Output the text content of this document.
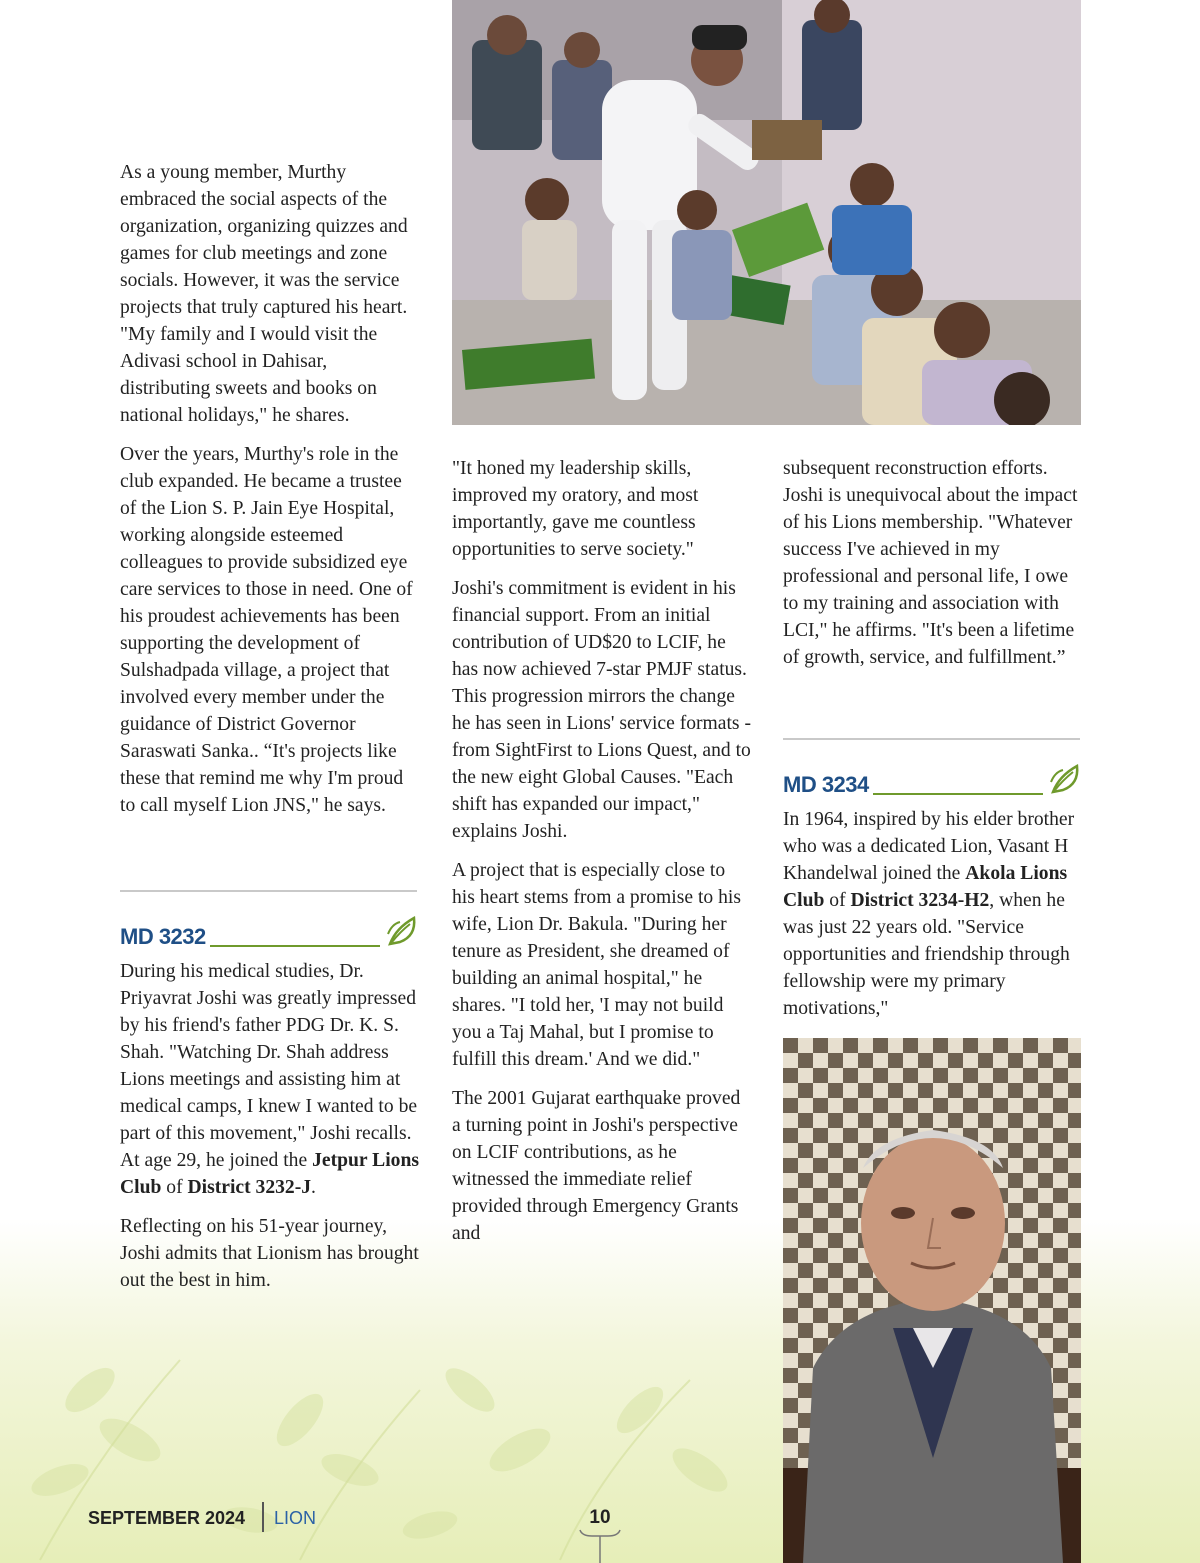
As a young member, Murthy embraced the social aspects of the organization, organizing quizzes and games for club meetings and zone socials. However, it was the service projects that truly captured his heart. "My family and I would visit the Adivasi school in Dahisar, distributing sweets and books on national holidays," he shares.

Over the years, Murthy's role in the club expanded. He became a trustee of the Lion S. P. Jain Eye Hospital, working alongside esteemed colleagues to provide subsidized eye care services to those in need. One of his proudest achievements has been supporting the development of Sulshadpada village, a project that involved every member under the guidance of District Governor Saraswati Sanka.. “It's projects like these that remind me why I'm proud to call myself Lion JNS," he says.

MD 3232

During his medical studies, Dr. Priyavrat Joshi was greatly impressed by his friend's father PDG Dr. K. S. Shah. "Watching Dr. Shah address Lions meetings and assisting him at medical camps, I knew I wanted to be part of this movement," Joshi recalls. At age 29, he joined the Jetpur Lions Club of District 3232-J.

Reflecting on his 51-year journey, Joshi admits that Lionism has brought out the best in him.

"It honed my leadership skills, improved my oratory, and most importantly, gave me countless opportunities to serve society."

Joshi's commitment is evident in his financial support. From an initial contribution of UD$20 to LCIF, he has now achieved 7-star PMJF status. This progression mirrors the change he has seen in Lions' service formats - from SightFirst to Lions Quest, and to the new eight Global Causes. "Each shift has expanded our impact," explains Joshi.

A project that is especially close to his heart stems from a promise to his wife, Lion Dr. Bakula. "During her tenure as President, she dreamed of building an animal hospital," he shares. "I told her, 'I may not build you a Taj Mahal, but I promise to fulfill this dream.' And we did."

The 2001 Gujarat earthquake proved a turning point in Joshi's perspective on LCIF contributions, as he witnessed the immediate relief provided through Emergency Grants and

subsequent reconstruction efforts. Joshi is unequivocal about the impact of his Lions membership. "Whatever success I've achieved in my professional and personal life, I owe to my training and association with LCI," he affirms. "It's been a lifetime of growth, service, and fulfillment.”

MD 3234

In 1964, inspired by his elder brother who was a dedicated Lion, Vasant H Khandelwal joined the Akola Lions Club of District 3234-H2, when he was just 22 years old. "Service opportunities and friendship through fellowship were my primary motivations,"

SEPTEMBER 2024 LION	10
